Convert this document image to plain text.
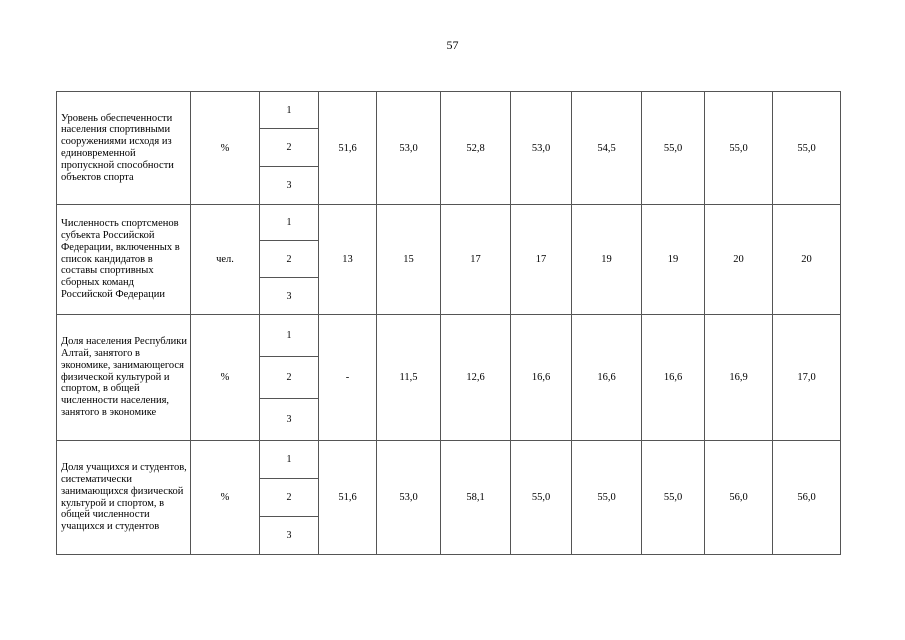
57
Уровень обеспеченности населения спортивными сооружениями исходя из единовременной пропускной способности объектов спорта	%	1	51,6	53,0	52,8	53,0	54,5	55,0	55,0	55,0
		2								
		3								
Численность спортсменов субъекта Российской Федерации, включенных в список кандидатов в составы спортивных сборных команд Российской Федерации	чел.	1	13	15	17	17	19	19	20	20
		2								
		3								
Доля населения Республики Алтай, занятого в экономике, занимающегося физической культурой и спортом, в общей численности населения, занятого в экономике	%	1	-	11,5	12,6	16,6	16,6	16,6	16,9	17,0
		2								
		3								
Доля учащихся и студентов, систематически занимающихся физической культурой и спортом, в общей численности учащихся и студентов	%	1	51,6	53,0	58,1	55,0	55,0	55,0	56,0	56,0
		2								
		3								
